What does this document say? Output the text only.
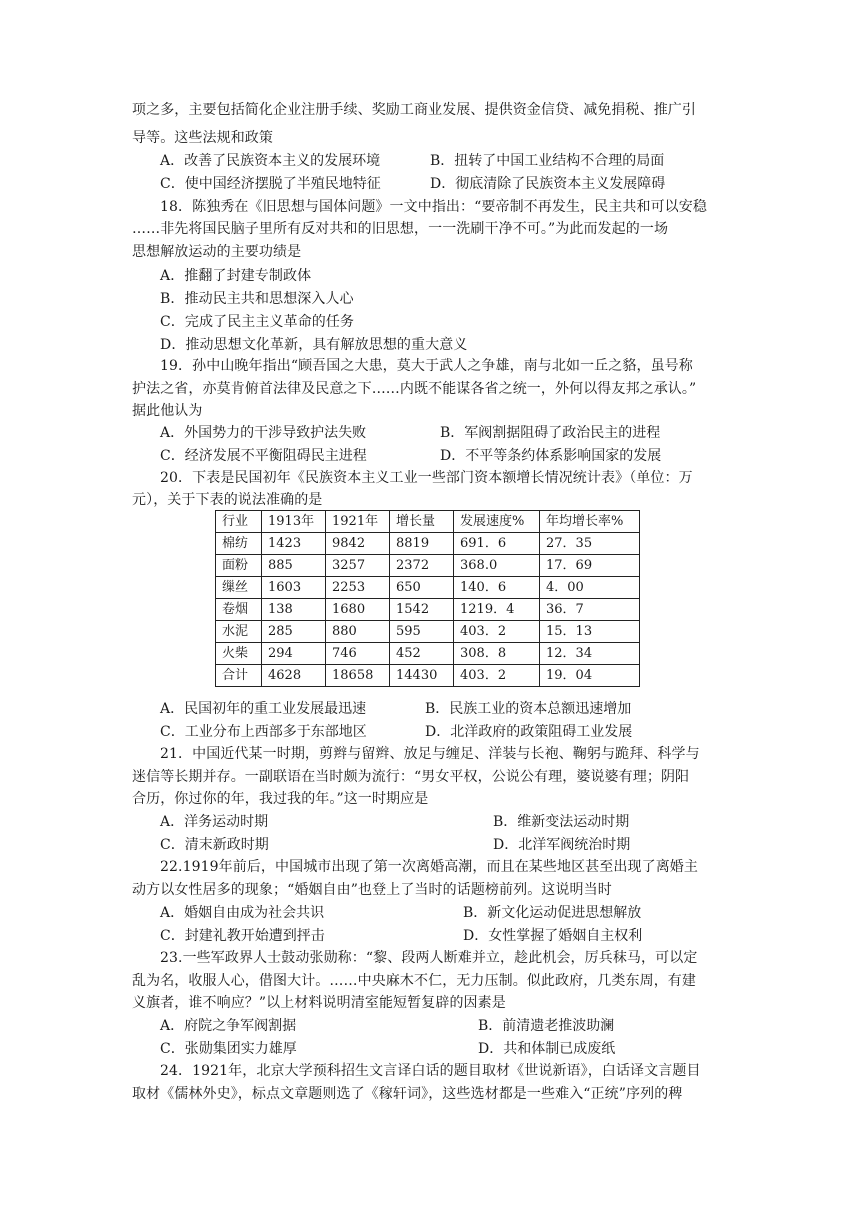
项之多，主要包括简化企业注册手续、奖励工商业发展、提供资金信贷、减免捐税、推广引
导等。这些法规和政策
A．改善了民族资本主义的发展环境	B．扭转了中国工业结构不合理的局面
C．使中国经济摆脱了半殖民地特征	D．彻底清除了民族资本主义发展障碍
18．陈独秀在《旧思想与国体问题》一文中指出：“要帝制不再发生，民主共和可以安稳
……非先将国民脑子里所有反对共和的旧思想，一一洗刷干净不可。”为此而发起的一场
思想解放运动的主要功绩是
A．推翻了封建专制政体
B．推动民主共和思想深入人心
C．完成了民主主义革命的任务
D．推动思想文化革新，具有解放思想的重大意义
19．孙中山晚年指出“顾吾国之大患，莫大于武人之争雄，南与北如一丘之貉，虽号称
护法之省，亦莫肯俯首法律及民意之下……内既不能谋各省之统一，外何以得友邦之承认。”
据此他认为
A．外国势力的干涉导致护法失败	B．军阀割据阻碍了政治民主的进程
C．经济发展不平衡阻碍民主进程	D．不平等条约体系影响国家的发展
20．下表是民国初年《民族资本主义工业一些部门资本额增长情况统计表》（单位：万
元），关于下表的说法准确的是
行业	1913年	1921年	增长量	发展速度%	年均增长率%
棉纺	1423	9842	8819	691．6	27．35
面粉	885	3257	2372	368.0	17．69
缫丝	1603	2253	650	140．6	4．00
卷烟	138	1680	1542	1219．4	36．7
水泥	285	880	595	403．2	15．13
火柴	294	746	452	308．8	12．34
合计	4628	18658	14430	403．2	19．04
A．民国初年的重工业发展最迅速	B．民族工业的资本总额迅速增加
C．工业分布上西部多于东部地区	D．北洋政府的政策阻碍工业发展
21．中国近代某一时期，剪辫与留辫、放足与缠足、洋装与长袍、鞠躬与跪拜、科学与
迷信等长期并存。一副联语在当时颇为流行：“男女平权，公说公有理，婆说婆有理；阴阳
合历，你过你的年，我过我的年。”这一时期应是
A．洋务运动时期	B．维新变法运动时期
C．清末新政时期	D．北洋军阀统治时期
22.1919年前后，中国城市出现了第一次离婚高潮，而且在某些地区甚至出现了离婚主
动方以女性居多的现象；“婚姻自由”也登上了当时的话题榜前列。这说明当时
A．婚姻自由成为社会共识	B．新文化运动促进思想解放
C．封建礼教开始遭到抨击	D．女性掌握了婚姻自主权利
23.一些军政界人士鼓动张勋称：“黎、段两人断难并立，趁此机会，厉兵秣马，可以定
乱为名，收服人心，借图大计。……中央麻木不仁，无力压制。似此政府，几类东周，有建
义旗者，谁不响应？”以上材料说明清室能短暂复辟的因素是
A．府院之争军阀割据	B．前清遗老推波助澜
C．张勋集团实力雄厚	D．共和体制已成废纸
24．1921年，北京大学预科招生文言译白话的题目取材《世说新语》，白话译文言题目
取材《儒林外史》，标点文章题则选了《稼轩词》，这些选材都是一些难入“正统”序列的稗
